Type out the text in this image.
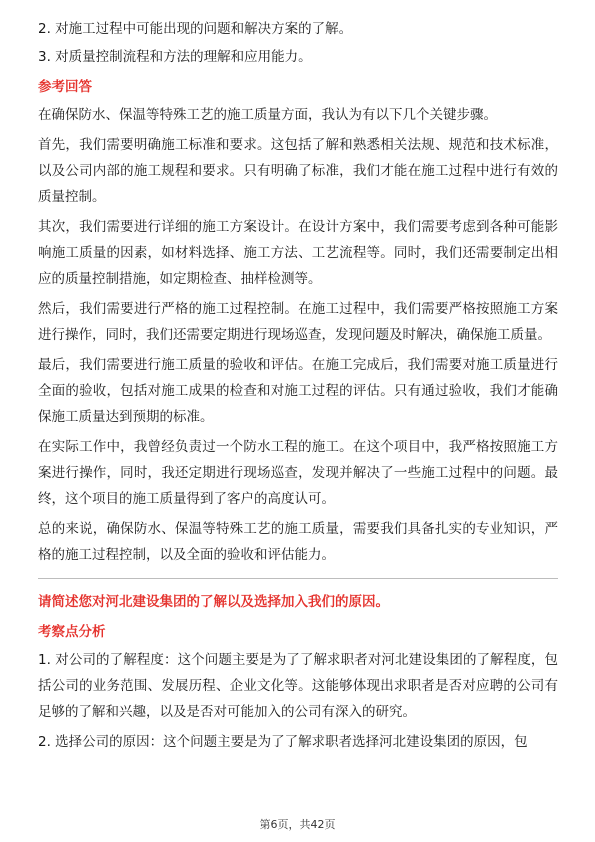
2. 对施工过程中可能出现的问题和解决方案的了解。
3. 对质量控制流程和方法的理解和应用能力。
参考回答

在确保防水、保温等特殊工艺的施工质量方面，我认为有以下几个关键步骤。

首先，我们需要明确施工标准和要求。这包括了解和熟悉相关法规、规范和技术标准，以及公司内部的施工规程和要求。只有明确了标准，我们才能在施工过程中进行有效的质量控制。

其次，我们需要进行详细的施工方案设计。在设计方案中，我们需要考虑到各种可能影响施工质量的因素，如材料选择、施工方法、工艺流程等。同时，我们还需要制定出相应的质量控制措施，如定期检查、抽样检测等。

然后，我们需要进行严格的施工过程控制。在施工过程中，我们需要严格按照施工方案进行操作，同时，我们还需要定期进行现场巡查，发现问题及时解决，确保施工质量。

最后，我们需要进行施工质量的验收和评估。在施工完成后，我们需要对施工质量进行全面的验收，包括对施工成果的检查和对施工过程的评估。只有通过验收，我们才能确保施工质量达到预期的标准。

在实际工作中，我曾经负责过一个防水工程的施工。在这个项目中，我严格按照施工方案进行操作，同时，我还定期进行现场巡查，发现并解决了一些施工过程中的问题。最终，这个项目的施工质量得到了客户的高度认可。

总的来说，确保防水、保温等特殊工艺的施工质量，需要我们具备扎实的专业知识，严格的施工过程控制，以及全面的验收和评估能力。

请简述您对河北建设集团的了解以及选择加入我们的原因。
考察点分析

1. 对公司的了解程度：这个问题主要是为了了解求职者对河北建设集团的了解程度，包括公司的业务范围、发展历程、企业文化等。这能够体现出求职者是否对应聘的公司有足够的了解和兴趣，以及是否对可能加入的公司有深入的研究。

2. 选择公司的原因：这个问题主要是为了了解求职者选择河北建设集团的原因，包

第6页，共42页
